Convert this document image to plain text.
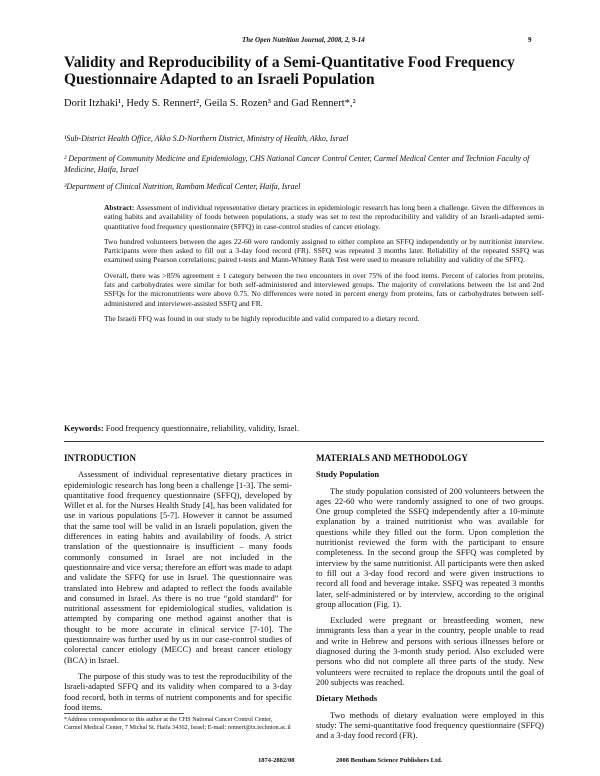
The Open Nutrition Journal, 2008, 2, 9-14	9
Validity and Reproducibility of a Semi-Quantitative Food Frequency Questionnaire Adapted to an Israeli Population
Dorit Itzhaki¹, Hedy S. Rennert², Geila S. Rozen³ and Gad Rennert*,²
¹Sub-District Health Office, Akko S.D-Northern District, Ministry of Health, Akko, Israel
² Department of Community Medicine and Epidemiology, CHS National Cancer Control Center, Carmel Medical Center and Technion Faculty of Medicine, Haifa, Israel
³Department of Clinical Nutrition, Rambam Medical Center, Haifa, Israel

Abstract: Assessment of individual representative dietary practices in epidemiologic research has long been a challenge. Given the differences in eating habits and availability of foods between populations, a study was set to test the reproducibility and validity of an Israeli-adapted semi-quantitative food frequency questionnaire (SFFQ) in case-control studies of cancer etiology.

Two hundred volunteers between the ages 22-60 were randomly assigned to either complete an SFFQ independently or by nutritionist interview. Participants were then asked to fill out a 3-day food record (FR). SSFQ was repeated 3 months later. Reliability of the repeated SSFQ was examined using Pearson correlations; paired t-tests and Mann-Whitney Rank Test were used to measure reliability and validity of the SFFQ.

Overall, there was >85% agreement ± 1 category between the two encounters in over 75% of the food items. Percent of calories from proteins, fats and carbohydrates were similar for both self-administered and interviewed groups. The majority of correlations between the 1st and 2nd SSFQs for the micronutrients were above 0.75. No differences were noted in percent energy from proteins, fats or carbohydrates between self-administered and interviewer-assisted SSFQ and FR.

The Israeli FFQ was found in our study to be highly reproducible and valid compared to a dietary record.

Keywords: Food frequency questionnaire, reliability, validity, Israel.

INTRODUCTION

Assessment of individual representative dietary practices in epidemiologic research has long been a challenge [1-3]. The semi-quantitative food frequency questionnaire (SFFQ), developed by Willet et al. for the Nurses Health Study [4], has been validated for use in various populations [5-7]. However it cannot be assumed that the same tool will be valid in an Israeli population, given the differences in eating habits and availability of foods. A strict translation of the questionnaire is insufficient – many foods commonly consumed in Israel are not included in the questionnaire and vice versa; therefore an effort was made to adapt and validate the SFFQ for use in Israel. The questionnaire was translated into Hebrew and adapted to reflect the foods available and consumed in Israel. As there is no true “gold standard” for nutritional assessment for epidemiological studies, validation is attempted by comparing one method against another that is thought to be more accurate in clinical service [7-10]. The questionnaire was further used by us in our case-control studies of colorectal cancer etiology (MECC) and breast cancer etiology (BCA) in Israel.

The purpose of this study was to test the reproducibility of the Israeli-adapted SFFQ and its validity when compared to a 3-day food record, both in terms of nutrient components and for specific food items.

*Address correspondence to this author at the CHS National Cancer Control Center, Carmel Medical Center, 7 Michal St. Haifa 34362, Israel; E-mail: rennert@tx.technion.ac.il

MATERIALS AND METHODOLOGY

Study Population

The study population consisted of 200 volunteers between the ages 22-60 who were randomly assigned to one of two groups. One group completed the SSFQ independently after a 10-minute explanation by a trained nutritionist who was available for questions while they filled out the form. Upon completion the nutritionist reviewed the form with the participant to ensure completeness. In the second group the SFFQ was completed by interview by the same nutritionist. All participants were then asked to fill out a 3-day food record and were given instructions to record all food and beverage intake. SSFQ was repeated 3 months later, self-administered or by interview, according to the original group allocation (Fig. 1).

Excluded were pregnant or breastfeeding women, new immigrants less than a year in the country, people unable to read and write in Hebrew and persons with serious illnesses before or diagnosed during the 3-month study period. Also excluded were persons who did not complete all three parts of the study. New volunteers were recruited to replace the dropouts until the goal of 200 subjects was reached.

Dietary Methods

Two methods of dietary evaluation were employed in this study: The semi-quantitative food frequency questionnaire (SFFQ) and a 3-day food record (FR).

1874-2882/08	2008 Bentham Science Publishers Ltd.
